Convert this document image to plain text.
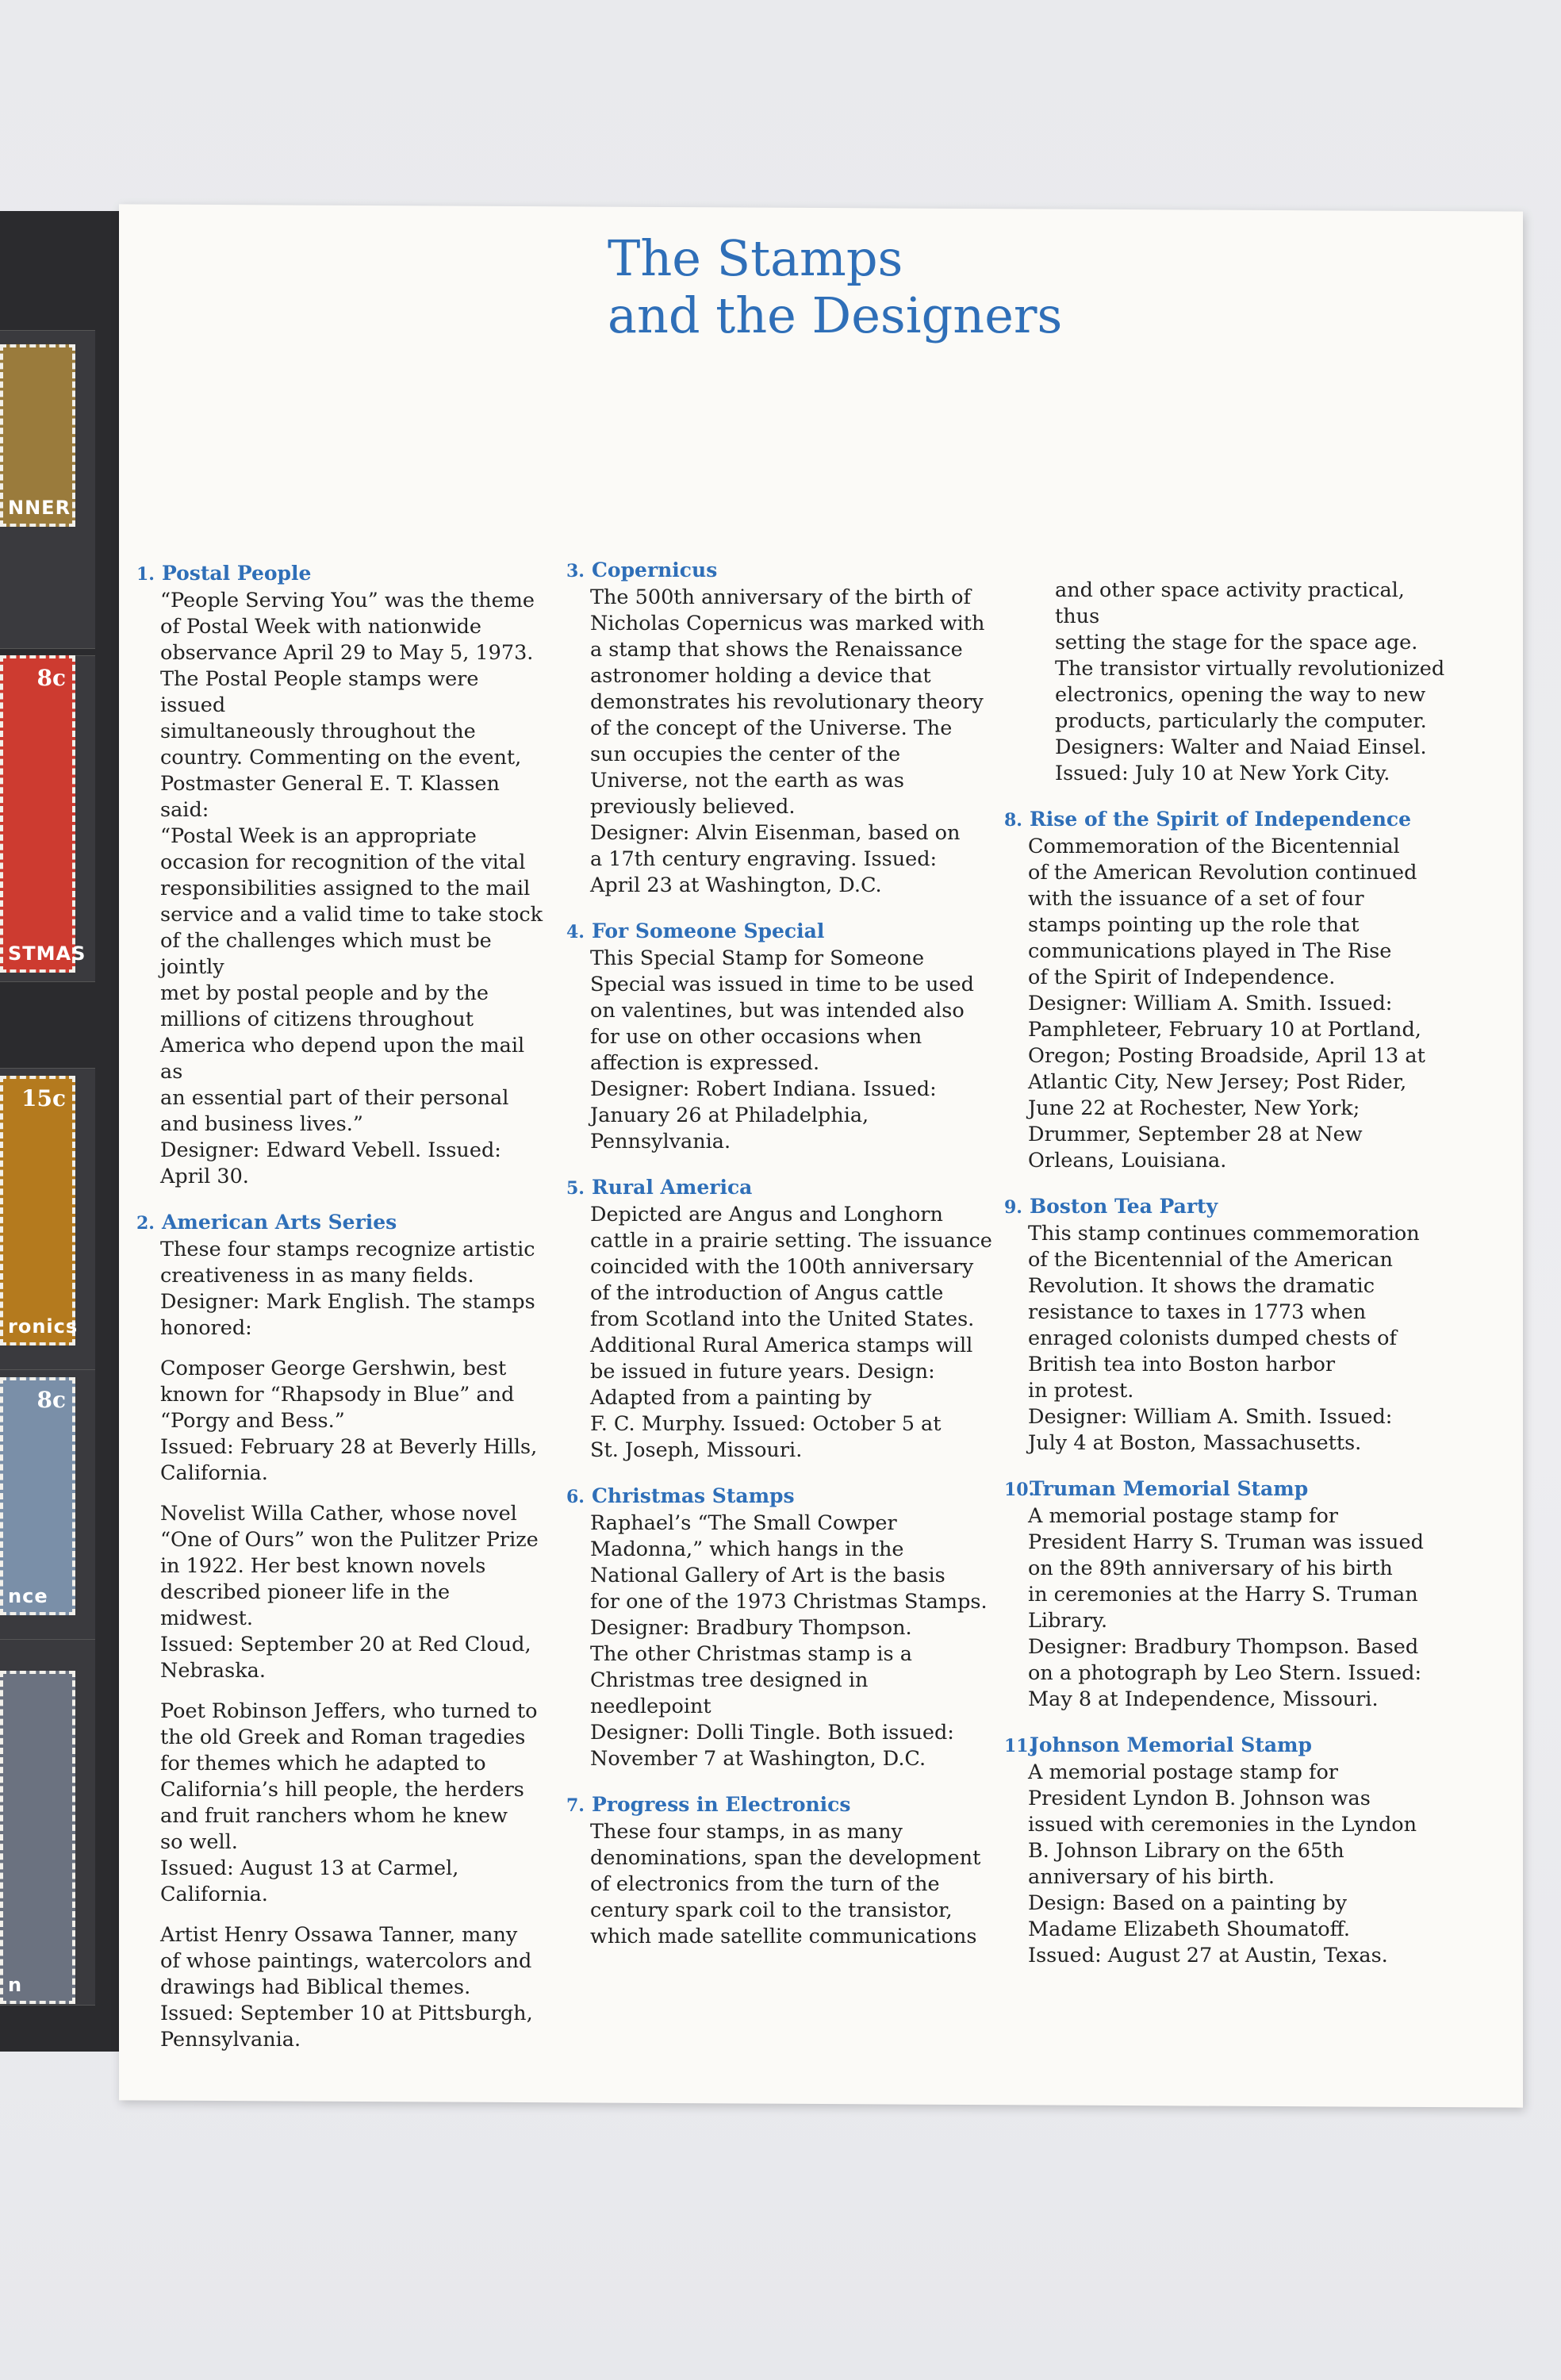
NNER
8c
STMAS
15c
ronics
8c
nce
n
The Stamps
and the Designers
1. Postal People
“People Serving You” was the theme
of Postal Week with nationwide
observance April 29 to May 5, 1973.
The Postal People stamps were issued
simultaneously throughout the
country. Commenting on the event,
Postmaster General E. T. Klassen said:
“Postal Week is an appropriate
occasion for recognition of the vital
responsibilities assigned to the mail
service and a valid time to take stock
of the challenges which must be jointly
met by postal people and by the
millions of citizens throughout
America who depend upon the mail as
an essential part of their personal
and business lives.”
Designer: Edward Vebell. Issued:
April 30.
2. American Arts Series
These four stamps recognize artistic
creativeness in as many fields.
Designer: Mark English. The stamps
honored:
Composer George Gershwin, best
known for “Rhapsody in Blue” and
“Porgy and Bess.”
Issued: February 28 at Beverly Hills,
California.
Novelist Willa Cather, whose novel
“One of Ours” won the Pulitzer Prize
in 1922. Her best known novels
described pioneer life in the midwest.
Issued: September 20 at Red Cloud,
Nebraska.
Poet Robinson Jeffers, who turned to
the old Greek and Roman tragedies
for themes which he adapted to
California’s hill people, the herders
and fruit ranchers whom he knew
so well.
Issued: August 13 at Carmel,
California.
Artist Henry Ossawa Tanner, many
of whose paintings, watercolors and
drawings had Biblical themes.
Issued: September 10 at Pittsburgh,
Pennsylvania.
3. Copernicus
The 500th anniversary of the birth of
Nicholas Copernicus was marked with
a stamp that shows the Renaissance
astronomer holding a device that
demonstrates his revolutionary theory
of the concept of the Universe. The
sun occupies the center of the
Universe, not the earth as was
previously believed.
Designer: Alvin Eisenman, based on
a 17th century engraving. Issued:
April 23 at Washington, D.C.
4. For Someone Special
This Special Stamp for Someone
Special was issued in time to be used
on valentines, but was intended also
for use on other occasions when
affection is expressed.
Designer: Robert Indiana. Issued:
January 26 at Philadelphia,
Pennsylvania.
5. Rural America
Depicted are Angus and Longhorn
cattle in a prairie setting. The issuance
coincided with the 100th anniversary
of the introduction of Angus cattle
from Scotland into the United States.
Additional Rural America stamps will
be issued in future years. Design:
Adapted from a painting by
F. C. Murphy. Issued: October 5 at
St. Joseph, Missouri.
6. Christmas Stamps
Raphael’s “The Small Cowper
Madonna,” which hangs in the
National Gallery of Art is the basis
for one of the 1973 Christmas Stamps.
Designer: Bradbury Thompson.
The other Christmas stamp is a
Christmas tree designed in needlepoint
Designer: Dolli Tingle. Both issued:
November 7 at Washington, D.C.
7. Progress in Electronics
These four stamps, in as many
denominations, span the development
of electronics from the turn of the
century spark coil to the transistor,
which made satellite communications
and other space activity practical, thus
setting the stage for the space age.
The transistor virtually revolutionized
electronics, opening the way to new
products, particularly the computer.
Designers: Walter and Naiad Einsel.
Issued: July 10 at New York City.
8. Rise of the Spirit of Independence
Commemoration of the Bicentennial
of the American Revolution continued
with the issuance of a set of four
stamps pointing up the role that
communications played in The Rise
of the Spirit of Independence.
Designer: William A. Smith. Issued:
Pamphleteer, February 10 at Portland,
Oregon; Posting Broadside, April 13 at
Atlantic City, New Jersey; Post Rider,
June 22 at Rochester, New York;
Drummer, September 28 at New
Orleans, Louisiana.
9. Boston Tea Party
This stamp continues commemoration
of the Bicentennial of the American
Revolution. It shows the dramatic
resistance to taxes in 1773 when
enraged colonists dumped chests of
British tea into Boston harbor
in protest.
Designer: William A. Smith. Issued:
July 4 at Boston, Massachusetts.
10.Truman Memorial Stamp
A memorial postage stamp for
President Harry S. Truman was issued
on the 89th anniversary of his birth
in ceremonies at the Harry S. Truman
Library.
Designer: Bradbury Thompson. Based
on a photograph by Leo Stern. Issued:
May 8 at Independence, Missouri.
11.Johnson Memorial Stamp
A memorial postage stamp for
President Lyndon B. Johnson was
issued with ceremonies in the Lyndon
B. Johnson Library on the 65th
anniversary of his birth.
Design: Based on a painting by
Madame Elizabeth Shoumatoff.
Issued: August 27 at Austin, Texas.
